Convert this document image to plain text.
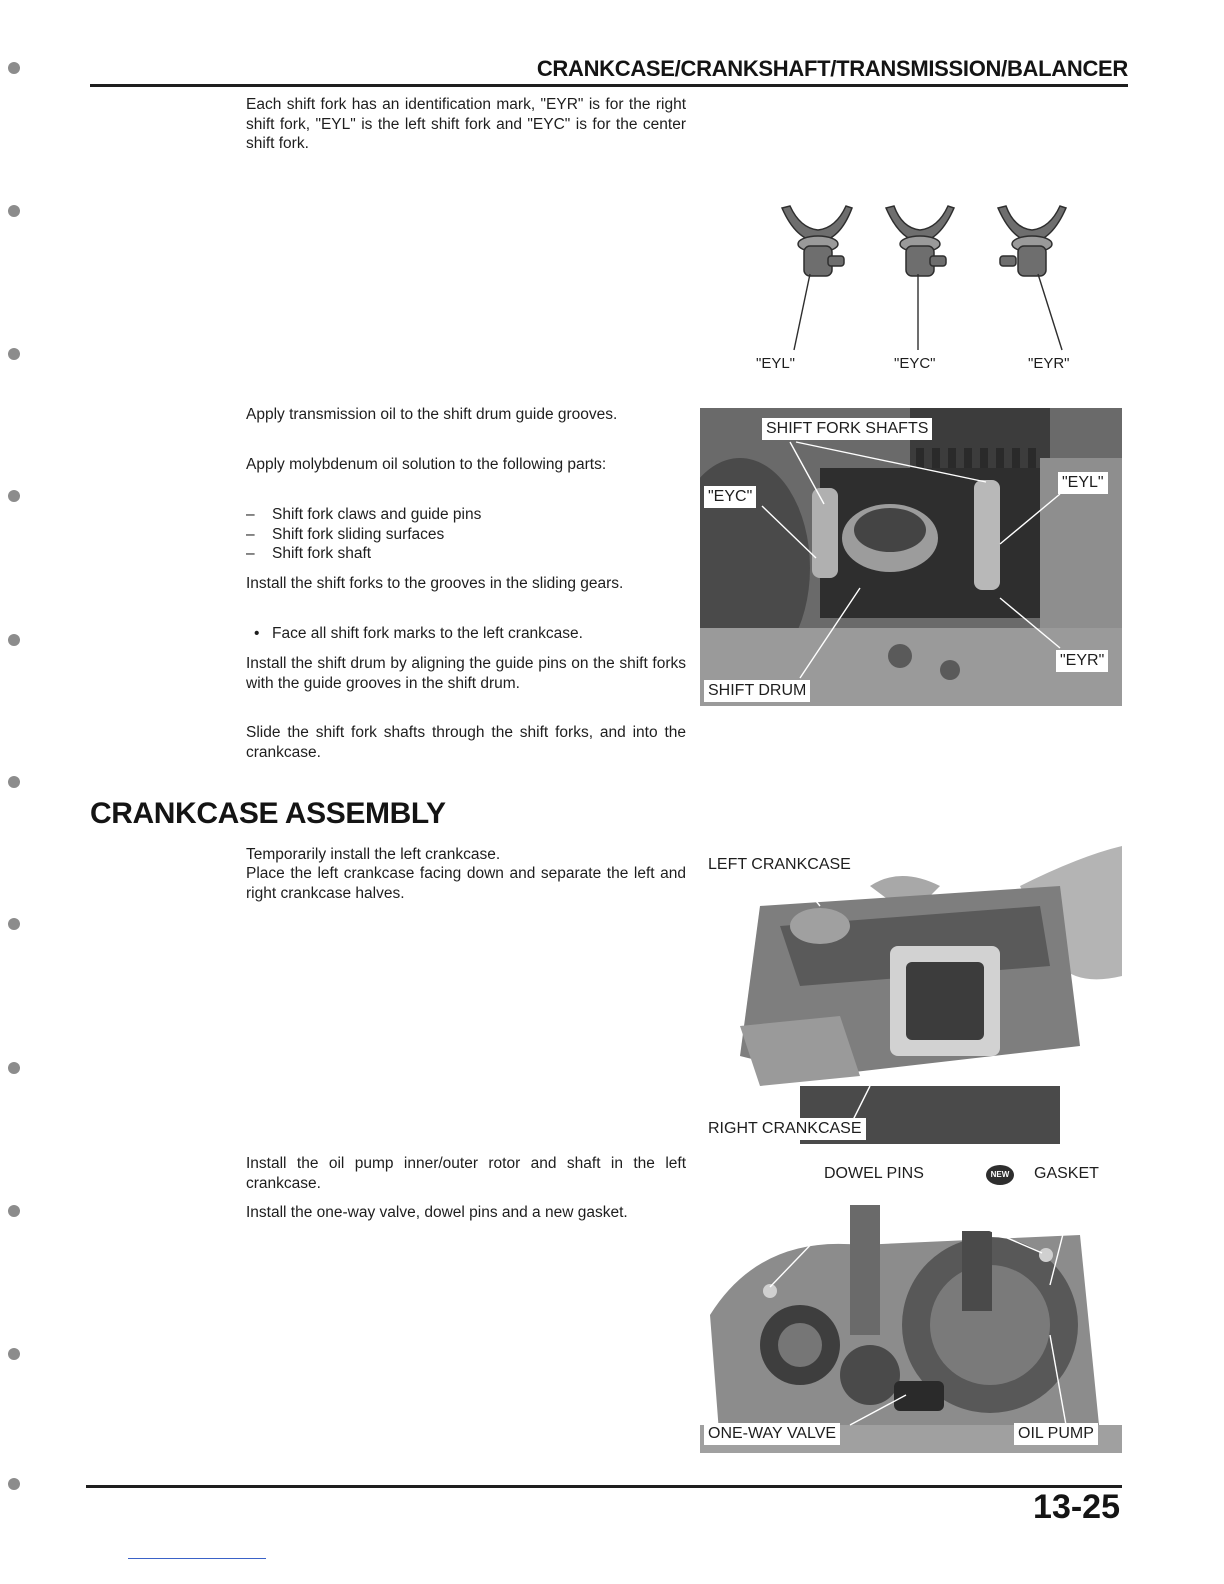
CRANKCASE/CRANKSHAFT/TRANSMISSION/BALANCER

Each shift fork has an identification mark, "EYR" is for the right shift fork, "EYL" is the left shift fork and "EYC" is for the center shift fork.

"EYL"	"EYC"	"EYR"

Apply transmission oil to the shift drum guide grooves.

Apply molybdenum oil solution to the following parts:

– Shift fork claws and guide pins
– Shift fork sliding surfaces
– Shift fork shaft

Install the shift forks to the grooves in the sliding gears.

• Face all shift fork marks to the left crankcase.

Install the shift drum by aligning the guide pins on the shift forks with the guide grooves in the shift drum.

Slide the shift fork shafts through the shift forks, and into the crankcase.

SHIFT FORK SHAFTS
"EYC"
"EYL"
"EYR"
SHIFT DRUM
CRANKCASE ASSEMBLY

Temporarily install the left crankcase.

Place the left crankcase facing down and separate the left and right crankcase halves.

LEFT CRANKCASE
RIGHT CRANKCASE

Install the oil pump inner/outer rotor and shaft in the left crankcase.

Install the one-way valve, dowel pins and a new gasket.

DOWEL PINS	NEW GASKET
ONE-WAY VALVE	OIL PUMP
13-25
